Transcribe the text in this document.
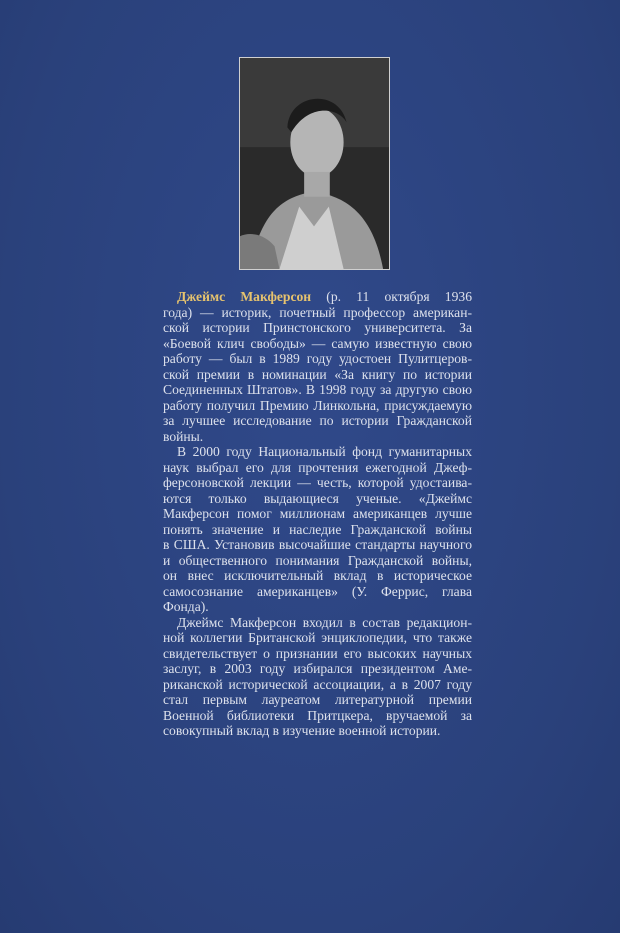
Джеймс Макферсон (р. 11 октября 1936
года) — историк, почетный профессор американ-
ской истории Принстонского университета. За
«Боевой клич свободы» — самую известную свою
работу — был в 1989 году удостоен Пулитцеров-
ской премии в номинации «За книгу по истории
Соединенных Штатов». В 1998 году за другую свою
работу получил Премию Линкольна, присуждаемую
за лучшее исследование по истории Гражданской
войны.
В 2000 году Национальный фонд гуманитарных
наук выбрал его для прочтения ежегодной Джеф-
ферсоновской лекции — честь, которой удостаива-
ются только выдающиеся ученые. «Джеймс
Макферсон помог миллионам американцев лучше
понять значение и наследие Гражданской войны
в США. Установив высочайшие стандарты научного
и общественного понимания Гражданской войны,
он внес исключительный вклад в историческое
самосознание американцев» (У. Феррис, глава
Фонда).
Джеймс Макферсон входил в состав редакцион-
ной коллегии Британской энциклопедии, что также
свидетельствует о признании его высоких научных
заслуг, в 2003 году избирался президентом Аме-
риканской исторической ассоциации, а в 2007 году
стал первым лауреатом литературной премии
Военной библиотеки Притцкера, вручаемой за
совокупный вклад в изучение военной истории.
